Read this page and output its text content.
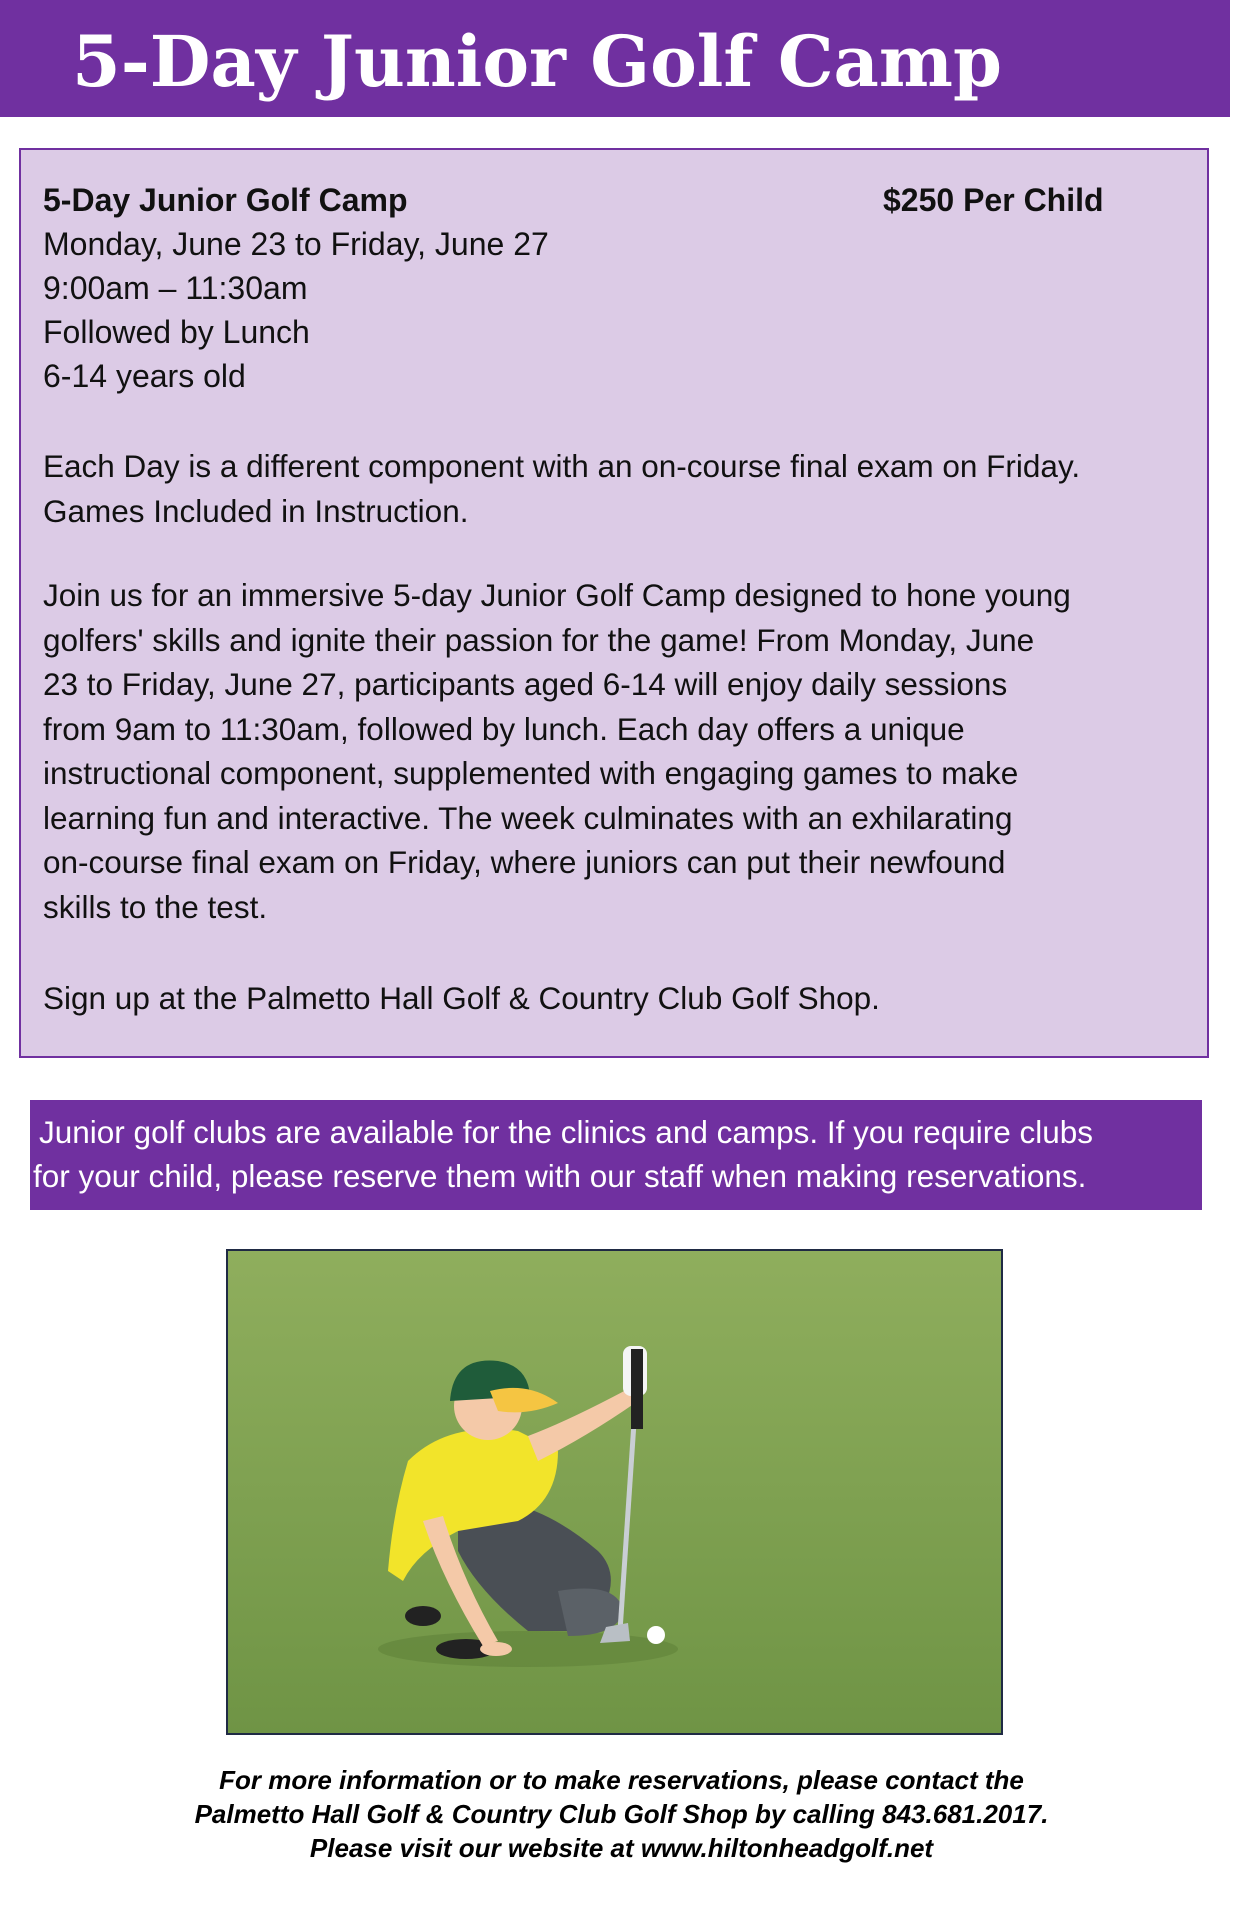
5-Day Junior Golf Camp
5-Day Junior Golf Camp	$250 Per Child
Monday, June 23 to Friday, June 27
9:00am – 11:30am
Followed by Lunch
6-14 years old
Each Day is a different component with an on-course final exam on Friday.
Games Included in Instruction.
Join us for an immersive 5-day Junior Golf Camp designed to hone young
golfers' skills and ignite their passion for the game! From Monday, June
23 to Friday, June 27, participants aged 6-14 will enjoy daily sessions
from 9am to 11:30am, followed by lunch. Each day offers a unique
instructional component, supplemented with engaging games to make
learning fun and interactive. The week culminates with an exhilarating
on-course final exam on Friday, where juniors can put their newfound
skills to the test.
Sign up at the Palmetto Hall Golf & Country Club Golf Shop.
Junior golf clubs are available for the clinics and camps. If you require clubs
for your child, please reserve them with our staff when making reservations.
For more information or to make reservations, please contact the
Palmetto Hall Golf & Country Club Golf Shop by calling 843.681.2017.
Please visit our website at www.hiltonheadgolf.net
